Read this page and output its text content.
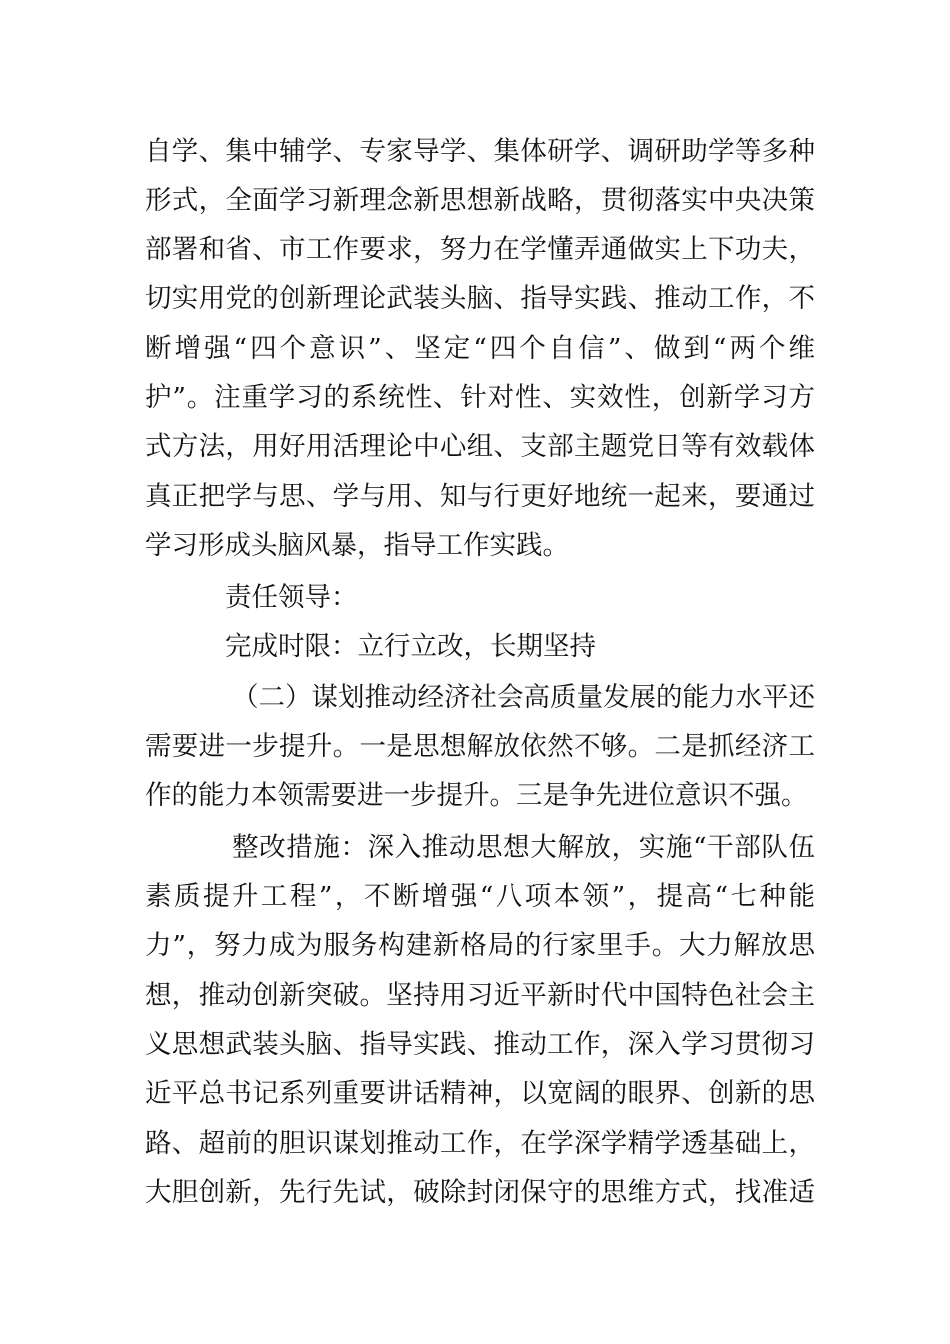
自学、集中辅学、专家导学、集体研学、调研助学等多种
形式，全面学习新理念新思想新战略，贯彻落实中央决策
部署和省、市工作要求，努力在学懂弄通做实上下功夫，
切实用党的创新理论武装头脑、指导实践、推动工作，不
断增强“四个意识”、坚定“四个自信”、做到“两个维
护”。注重学习的系统性、针对性、实效性，创新学习方
式方法，用好用活理论中心组、支部主题党日等有效载体
真正把学与思、学与用、知与行更好地统一起来，要通过
学习形成头脑风暴，指导工作实践。
责任领导：
完成时限：立行立改，长期坚持
（二）谋划推动经济社会高质量发展的能力水平还
需要进一步提升。一是思想解放依然不够。二是抓经济工
作的能力本领需要进一步提升。三是争先进位意识不强。
整改措施：深入推动思想大解放，实施“干部队伍
素质提升工程”，不断增强“八项本领”，提高“七种能
力”，努力成为服务构建新格局的行家里手。大力解放思
想，推动创新突破。坚持用习近平新时代中国特色社会主
义思想武装头脑、指导实践、推动工作，深入学习贯彻习
近平总书记系列重要讲话精神，以宽阔的眼界、创新的思
路、超前的胆识谋划推动工作，在学深学精学透基础上，
大胆创新，先行先试，破除封闭保守的思维方式，找准适
